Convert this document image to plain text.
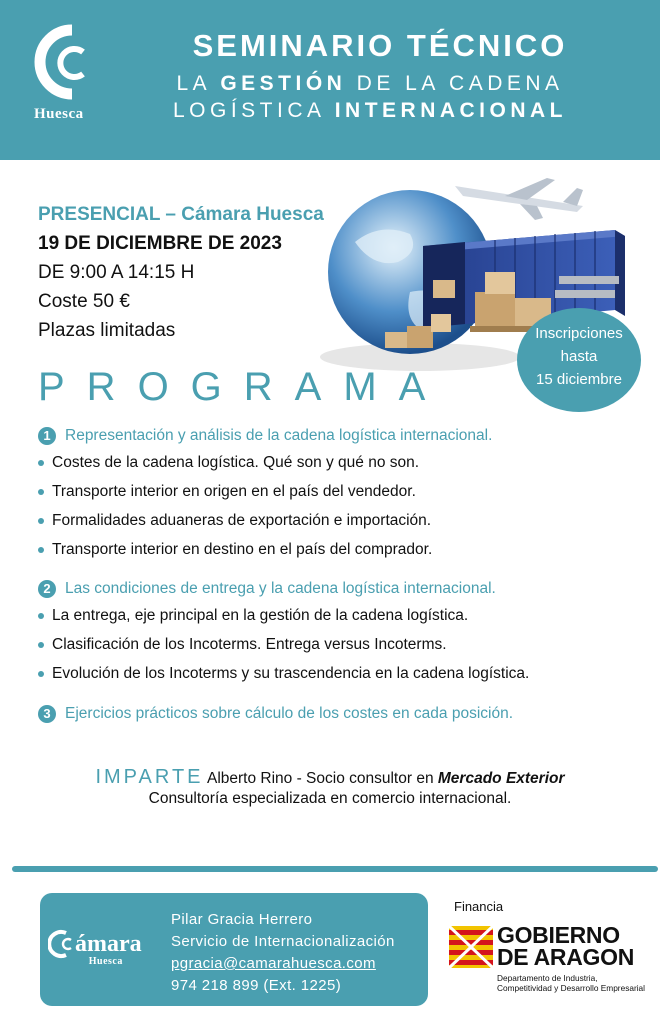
Huesca
SEMINARIO TÉCNICO
LA GESTIÓN DE LA CADENA
LOGÍSTICA INTERNACIONAL
PRESENCIAL – Cámara Huesca
19 DE DICIEMBRE DE 2023
DE 9:00 A 14:15 H
Coste 50 €
Plazas limitadas	Inscripciones
hasta
15 diciembre
PROGRAMA
1 Representación y análisis de la cadena logística internacional.
Costes de la cadena logística. Qué son y qué no son.
Transporte interior en origen en el país del vendedor.
Formalidades aduaneras de exportación e importación.
Transporte interior en destino en el país del comprador.
2 Las condiciones de entrega y la cadena logística internacional.
La entrega, eje principal en la gestión de la cadena logística.
Clasificación de los Incoterms. Entrega versus Incoterms.
Evolución de los Incoterms y su trascendencia en la cadena logística.
3 Ejercicios prácticos sobre cálculo de los costes en cada posición.
IMPARTE Alberto Rino - Socio consultor en Mercado Exterior
Consultoría especializada en comercio internacional.
ámara
Huesca
Pilar Gracia Herrero
Servicio de Internacionalización
pgracia@camarahuesca.com
974 218 899 (Ext. 1225)
Financia
GOBIERNO
DE ARAGON
Departamento de Industria,
Competitividad y Desarrollo Empresarial
